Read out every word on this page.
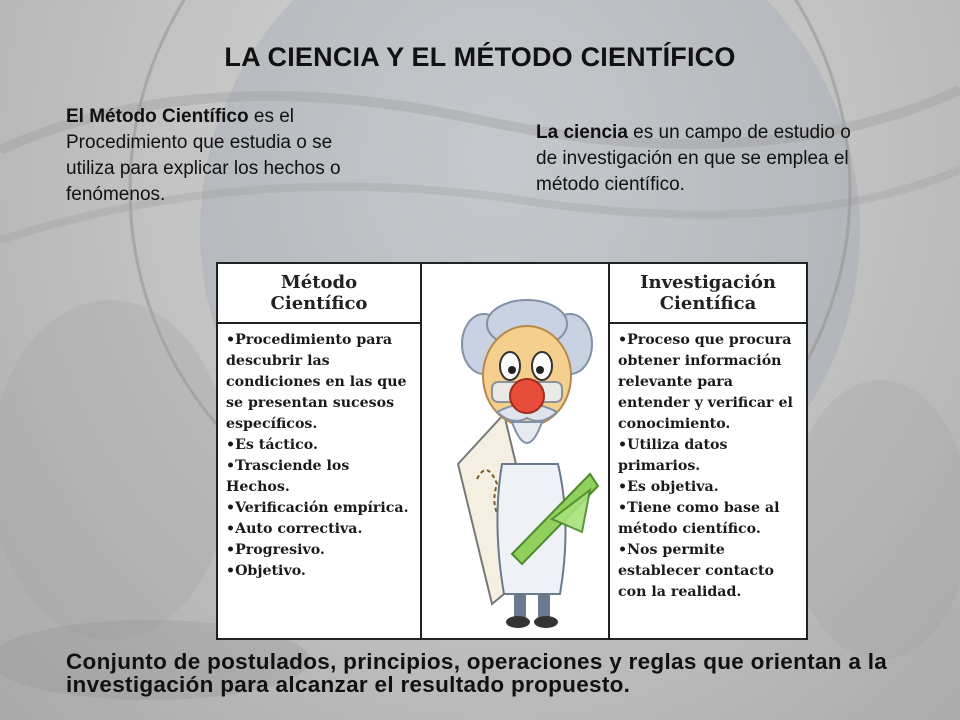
LA CIENCIA Y EL MÉTODO CIENTÍFICO
El Método Científico es el Procedimiento que estudia o se utiliza para explicar los hechos o fenómenos.
La ciencia es un campo de estudio o de investigación en que se emplea el método científico.
Método
Científico
•Procedimiento para descubrir las condiciones en las que se presentan sucesos específicos.
•Es táctico.
•Trasciende los Hechos.
•Verificación empírica.
•Auto correctiva.
•Progresivo.
•Objetivo.
Investigación
Científica
•Proceso que procura obtener información relevante para entender y verificar el conocimiento.
•Utiliza datos primarios.
•Es objetiva.
•Tiene como base al método científico.
•Nos permite establecer contacto con la realidad.
Conjunto de postulados, principios, operaciones y reglas que orientan a la investigación para alcanzar el resultado propuesto.
